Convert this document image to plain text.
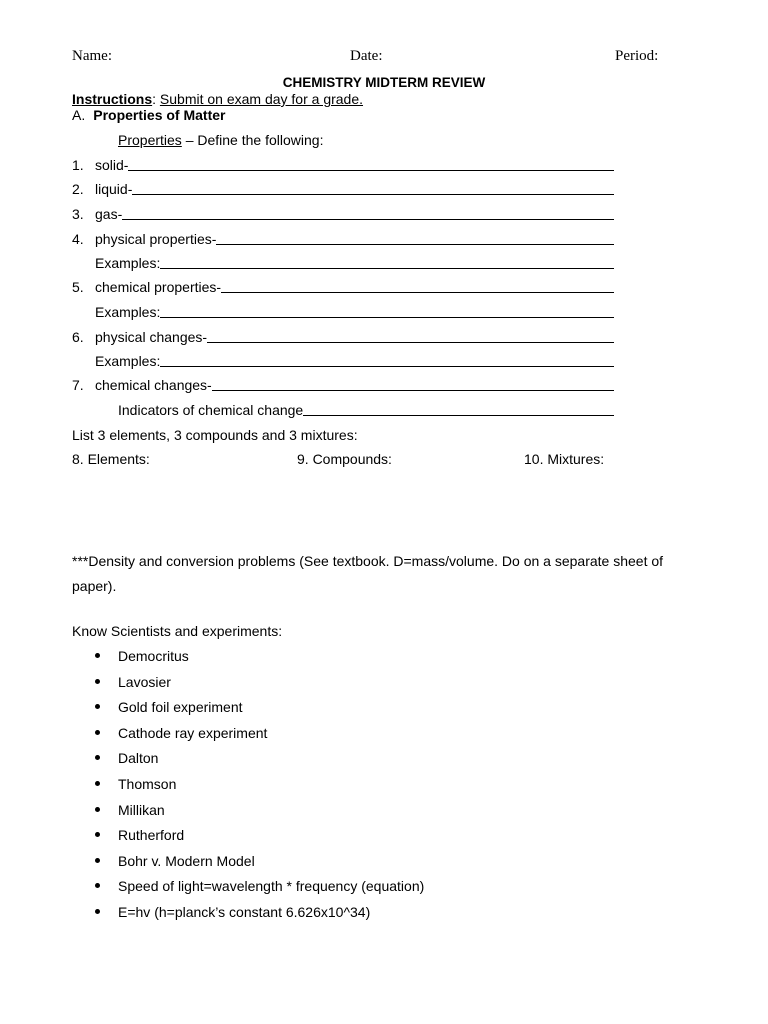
Name:	Date:	Period:
CHEMISTRY MIDTERM REVIEW
Instructions: Submit on exam day for a grade.
A. Properties of Matter
Properties – Define the following:
1. solid-
2. liquid-
3. gas-
4. physical properties-
Examples:
5. chemical properties-
Examples:
6. physical changes-
Examples:
7. chemical changes-
Indicators of chemical change
List 3 elements, 3 compounds and 3 mixtures:
8. Elements:	9. Compounds:	10. Mixtures:
***Density and conversion problems (See textbook. D=mass/volume. Do on a separate sheet of paper).
Know Scientists and experiments:
Democritus
Lavosier
Gold foil experiment
Cathode ray experiment
Dalton
Thomson
Millikan
Rutherford
Bohr v. Modern Model
Speed of light=wavelength * frequency (equation)
E=hv (h=planck’s constant 6.626x10^34)
